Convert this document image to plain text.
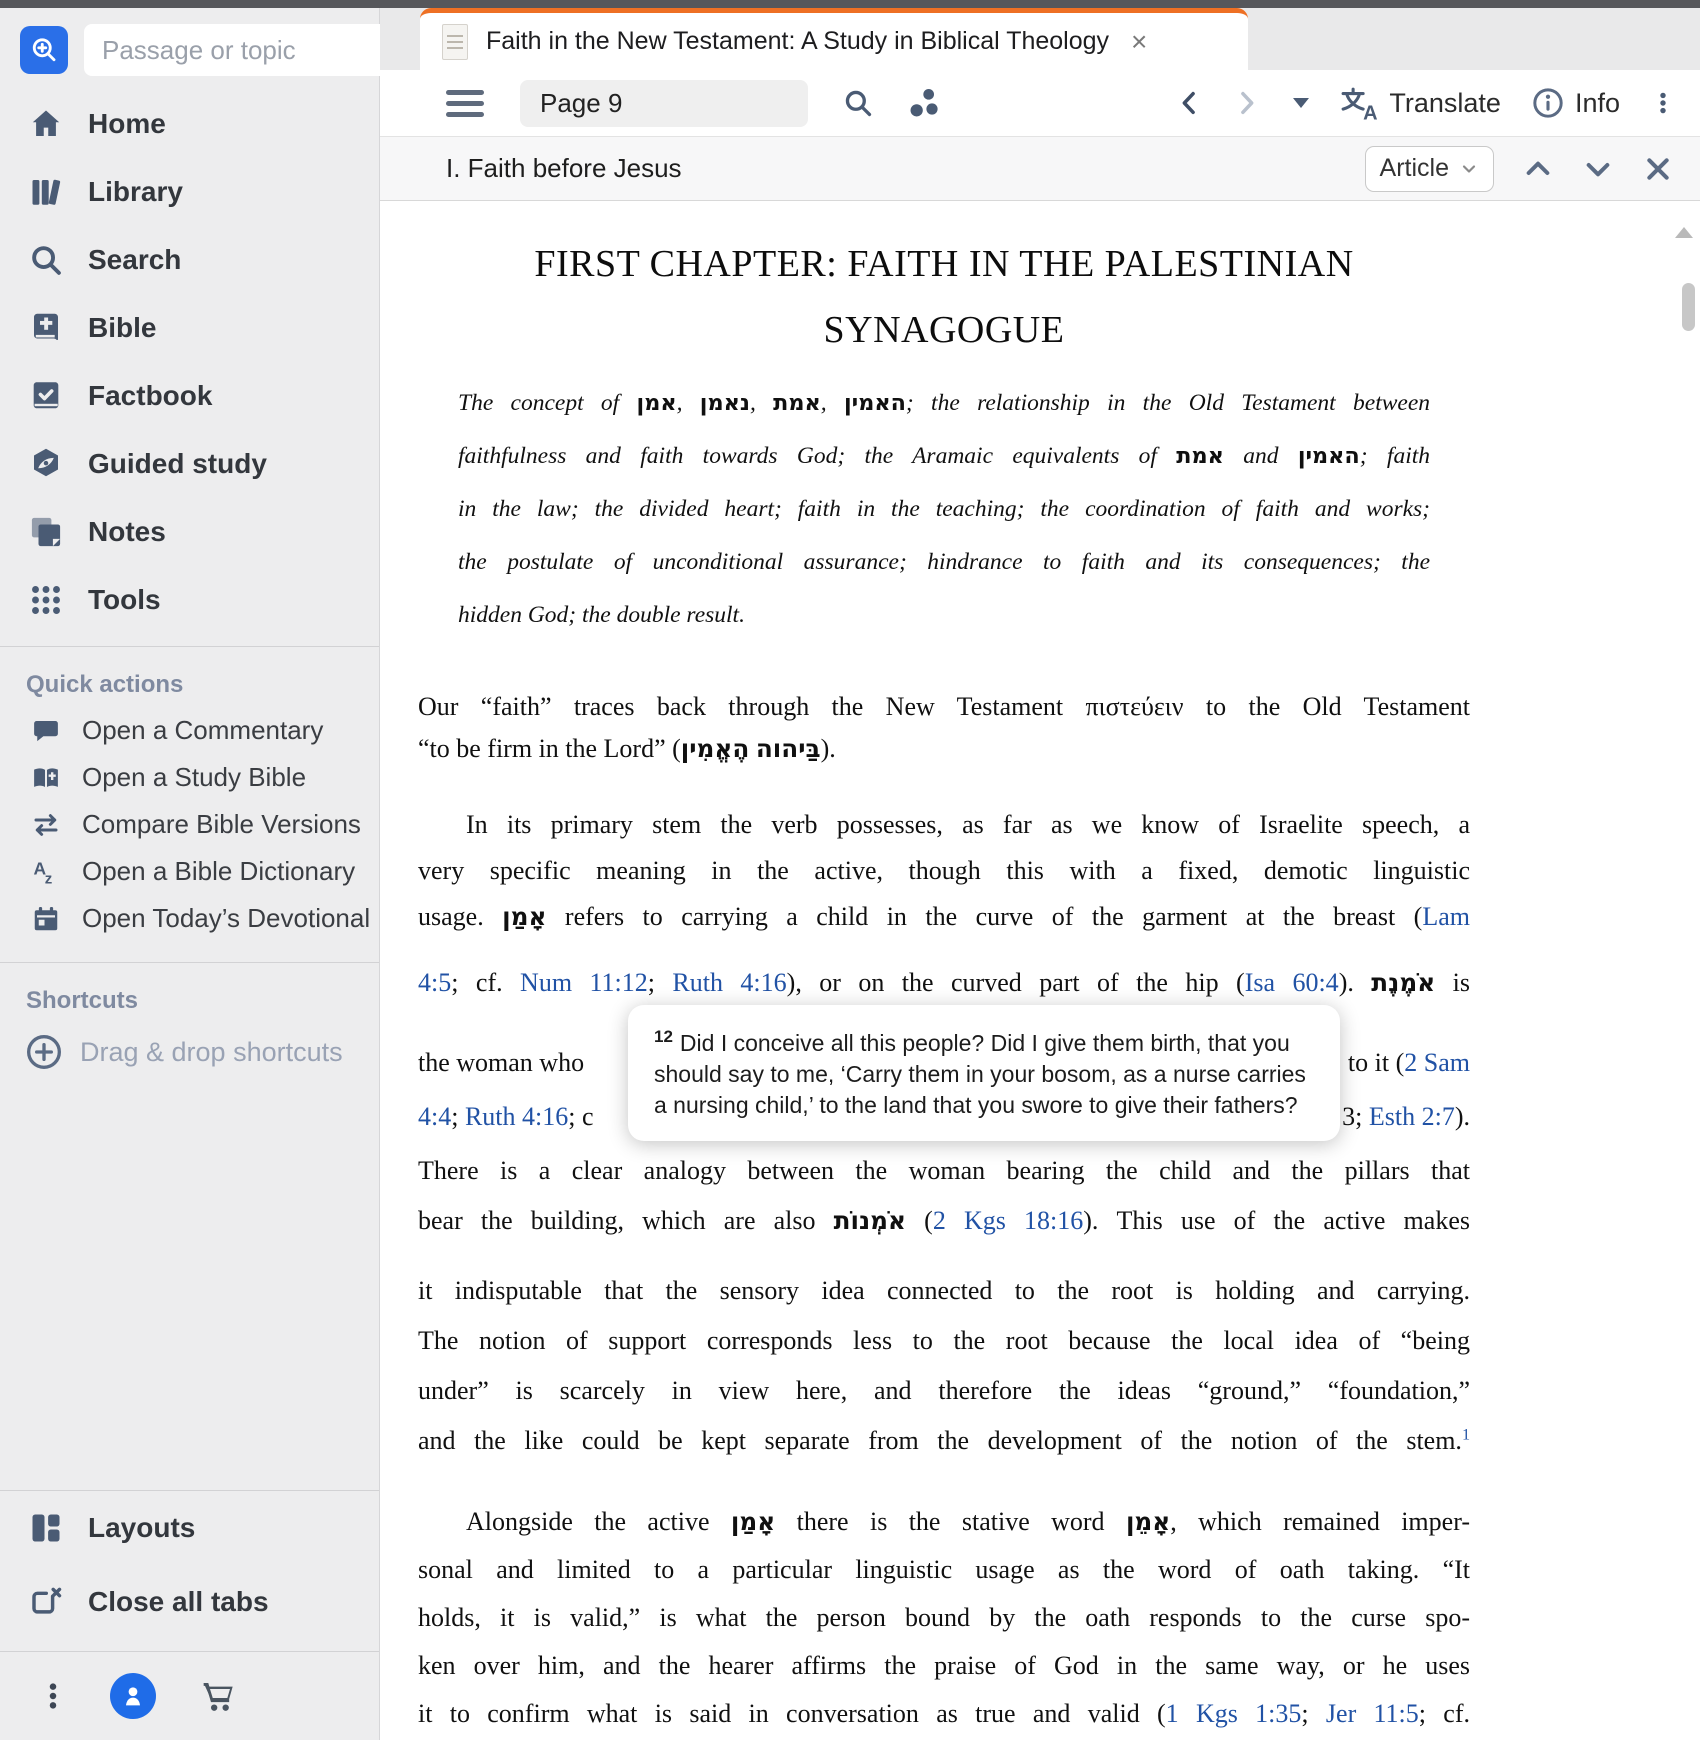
Passage or topic
Home
Library
Search
Bible
Factbook
Guided study
Notes
Tools
Quick actions
Open a Commentary
Open a Study Bible
Compare Bible Versions
A
z Open a Bible Dictionary
Open Today’s Devotional
Shortcuts
Drag & drop shortcuts
Layouts
Close all tabs
Faith in the New Testament: A Study in Biblical Theology ×
Page 9
A Translate	Info
I. Faith before Jesus	Article
FIRST CHAPTER: FAITH IN THE PALESTINIAN
SYNAGOGUE
The concept of אמן, נאמן, אמת, האמין; the relationship in the Old Testament between
faithfulness and faith towards God; the Aramaic equivalents of אמת and האמין; faith
in the law; the divided heart; faith in the teaching; the coordination of faith and works;
the postulate of unconditional assurance; hindrance to faith and its consequences; the
hidden God; the double result.
Our “faith” traces back through the New Testament πιστεύειν to the Old Testament
“to be firm in the Lord” (הֶאֱמִין בַּיהוה).
In its primary stem the verb possesses, as far as we know of Israelite speech, a
very specific meaning in the active, though this with a fixed, demotic linguistic
usage. אָמַן refers to carrying a child in the curve of the garment at the breast (Lam
4:5; cf. Num 11:12; Ruth 4:16), or on the curved part of the hip (Isa 60:4). אֹמֶנֶת is
the woman who	to it (2 Sam
4:4; Ruth 4:16; c	3; Esth 2:7).
There is a clear analogy between the woman bearing the child and the pillars that
bear the building, which are also אֹמְנוֹת (2 Kgs 18:16). This use of the active makes
it indisputable that the sensory idea connected to the root is holding and carrying.
The notion of support corresponds less to the root because the local idea of “being
under” is scarcely in view here, and therefore the ideas “ground,” “foundation,”
and the like could be kept separate from the development of the notion of the stem.$^1$
Alongside the active אָמַן there is the stative word אָמֵן, which remained imper-
sonal and limited to a particular linguistic usage as the word of oath taking. “It
holds, it is valid,” is what the person bound by the oath responds to the curse spo-
ken over him, and the hearer affirms the praise of God in the same way, or he uses
it to confirm what is said in conversation as true and valid (1 Kgs 1:35; Jer 11:5; cf.
$^{12}$ Did I conceive all this people? Did I give them birth, that you should say to me, ‘Carry them in your bosom, as a nurse carries a nursing child,’ to the land that you swore to give their fathers?
